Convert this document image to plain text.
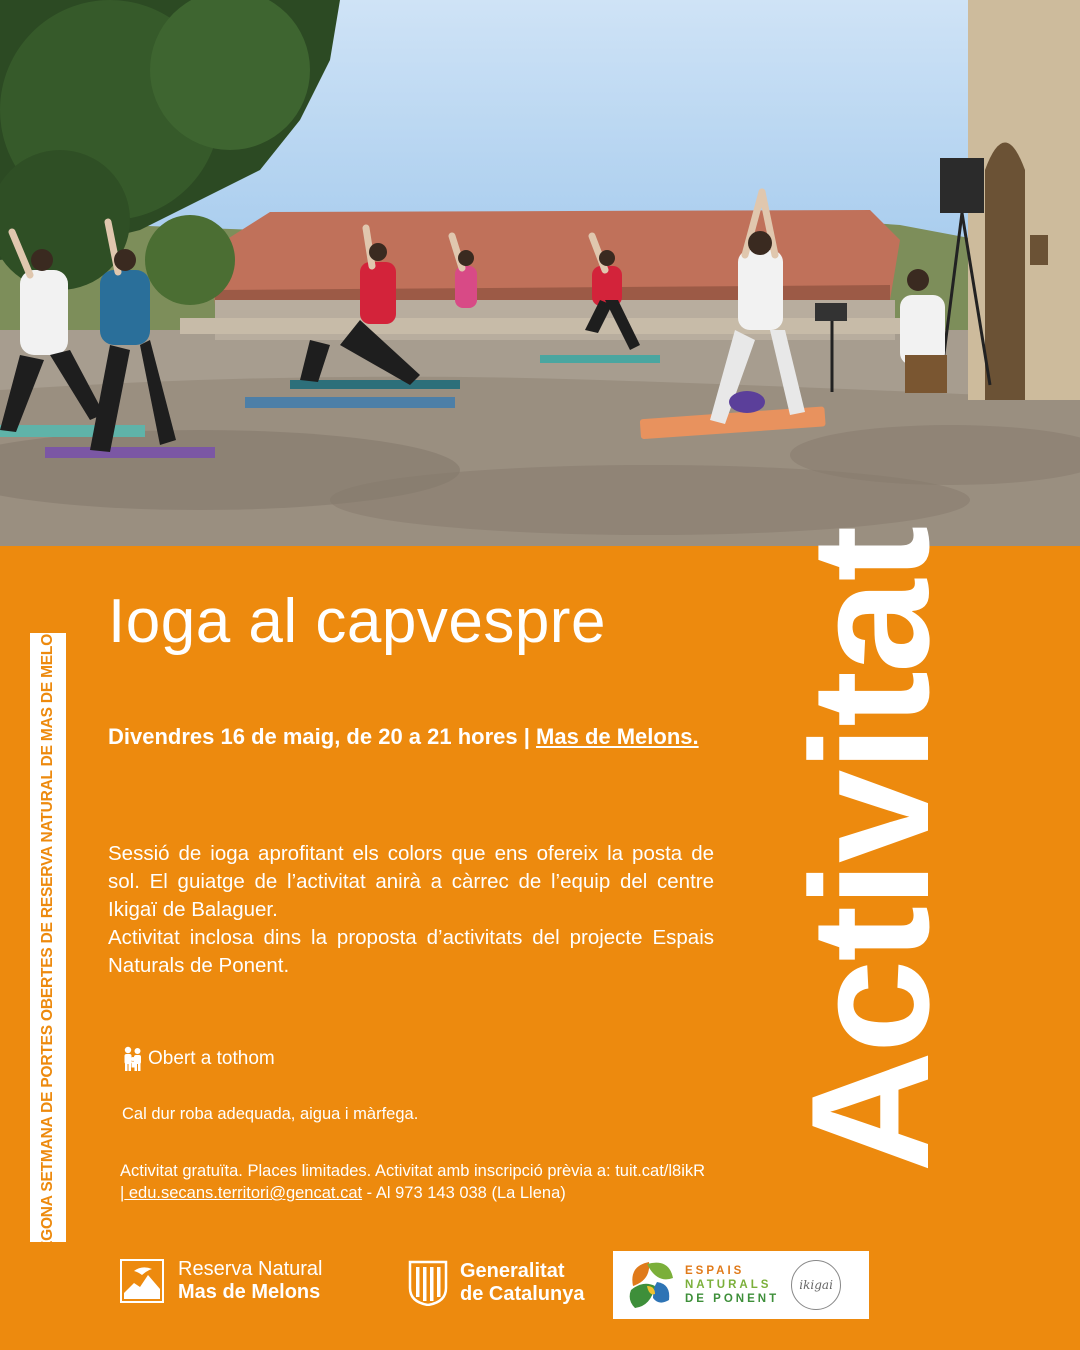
SEGONA SETMANA DE PORTES OBERTES DE RESERVA NATURAL DE MAS DE MELONS	Activitat
Ioga al capvespre
Divendres 16 de maig, de 20 a 21 hores | Mas de Melons.

Sessió de ioga aprofitant els colors que ens ofereix la posta de sol. El guiatge de l’activitat anirà a càrrec de l’equip del centre Ikigaï de Balaguer.

Activitat inclosa dins la proposta d’activitats del projecte Espais Naturals de Ponent.

Obert a tothom
Cal dur roba adequada, aigua i màrfega.
Activitat gratuïta. Places limitades. Activitat amb inscripció prèvia a: tuit.cat/l8ikR | edu.secans.territori@gencat.cat - Al 973 143 038 (La Llena)
Reserva Natural
Mas de Melons
Generalitat
de Catalunya
ESPAIS
NATURALS
DE PONENT
ikigai
